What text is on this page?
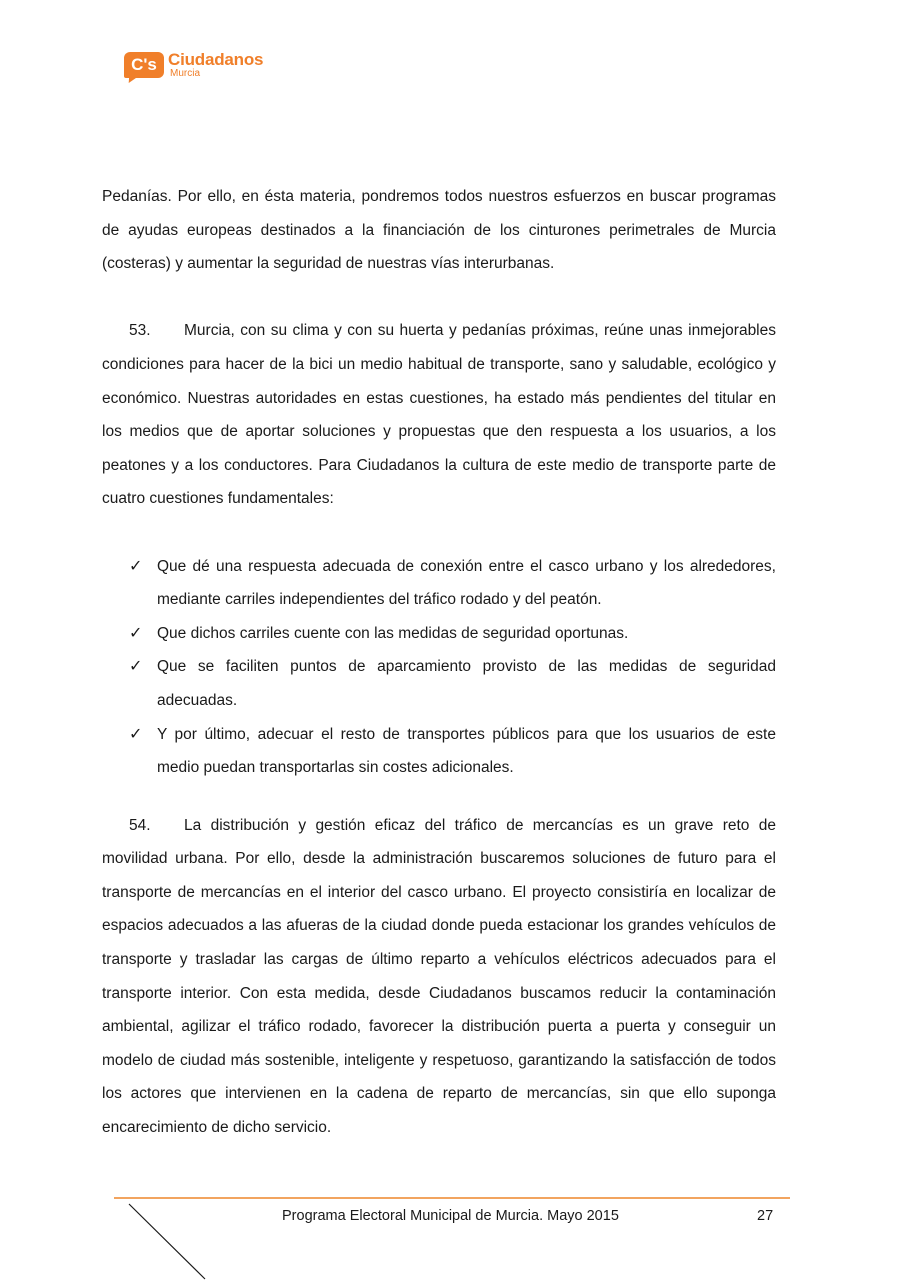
C's Ciudadanos
Murcia

Pedanías. Por ello, en ésta materia, pondremos todos nuestros esfuerzos en buscar programas de ayudas europeas destinados a la financiación de los cinturones perimetrales de Murcia (costeras) y aumentar la seguridad de nuestras vías interurbanas.

53. Murcia, con su clima y con su huerta y pedanías próximas, reúne unas inmejorables condiciones para hacer de la bici un medio habitual de transporte, sano y saludable, ecológico y económico. Nuestras autoridades en estas cuestiones, ha estado más pendientes del titular en los medios que de aportar soluciones y propuestas que den respuesta a los usuarios, a los peatones y a los conductores. Para Ciudadanos la cultura de este medio de transporte parte de cuatro cuestiones fundamentales:

✓ Que dé una respuesta adecuada de conexión entre el casco urbano y los alrededores, mediante carriles independientes del tráfico rodado y del peatón.
✓ Que dichos carriles cuente con las medidas de seguridad oportunas.
✓ Que se faciliten puntos de aparcamiento provisto de las medidas de seguridad adecuadas.
✓ Y por último, adecuar el resto de transportes públicos para que los usuarios de este medio puedan transportarlas sin costes adicionales.

54. La distribución y gestión eficaz del tráfico de mercancías es un grave reto de movilidad urbana. Por ello, desde la administración buscaremos soluciones de futuro para el transporte de mercancías en el interior del casco urbano. El proyecto consistiría en localizar de espacios adecuados a las afueras de la ciudad donde pueda estacionar los grandes vehículos de transporte y trasladar las cargas de último reparto a vehículos eléctricos adecuados para el transporte interior. Con esta medida, desde Ciudadanos buscamos reducir la contaminación ambiental, agilizar el tráfico rodado, favorecer la distribución puerta a puerta y conseguir un modelo de ciudad más sostenible, inteligente y respetuoso, garantizando la satisfacción de todos los actores que intervienen en la cadena de reparto de mercancías, sin que ello suponga encarecimiento de dicho servicio.

Programa Electoral Municipal de Murcia. Mayo 2015	27
